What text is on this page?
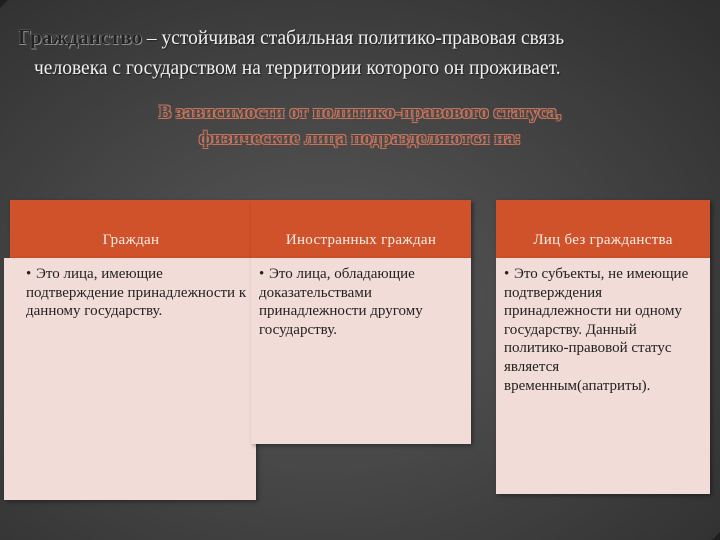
Гражданство – устойчивая стабильная политико-правовая связь
человека с государством на территории которого он проживает.

В зависимости от политико-правового статуса,
физические лица подразделяются на:

Граждан

• Это лица, имеющие подтверждение принадлежности к данному государству.

Иностранных граждан

• Это лица, обладающие доказательствами принадлежности другому государству.

Лиц без гражданства

• Это субъекты, не имеющие подтверждения принадлежности ни одному государству. Данный политико-правовой статус является временным(апатриты).
